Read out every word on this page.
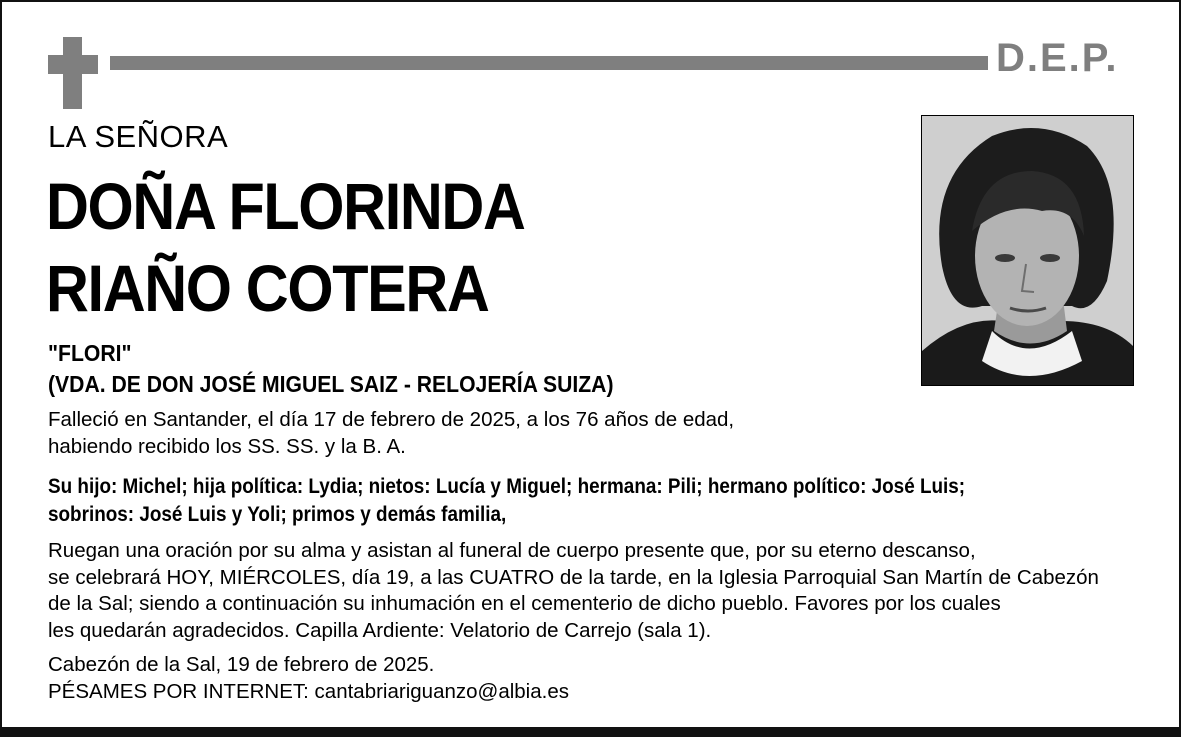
D.E.P.
LA SEÑORA
DOÑA FLORINDA
RIAÑO COTERA
"FLORI"
(VDA. DE DON JOSÉ MIGUEL SAIZ - RELOJERÍA SUIZA)
Falleció en Santander, el día 17 de febrero de 2025, a los 76 años de edad,
habiendo recibido los SS. SS. y la B. A.
Su hijo: Michel; hija política: Lydia; nietos: Lucía y Miguel; hermana: Pili; hermano político: José Luis;
sobrinos: José Luis y Yoli; primos y demás familia,
Ruegan una oración por su alma y asistan al funeral de cuerpo presente que, por su eterno descanso,
se celebrará HOY, MIÉRCOLES, día 19, a las CUATRO de la tarde, en la Iglesia Parroquial San Martín de Cabezón
de la Sal; siendo a continuación su inhumación en el cementerio de dicho pueblo. Favores por los cuales
les quedarán agradecidos. Capilla Ardiente: Velatorio de Carrejo (sala 1).
Cabezón de la Sal, 19 de febrero de 2025.
PÉSAMES POR INTERNET: cantabriariguanzo@albia.es
